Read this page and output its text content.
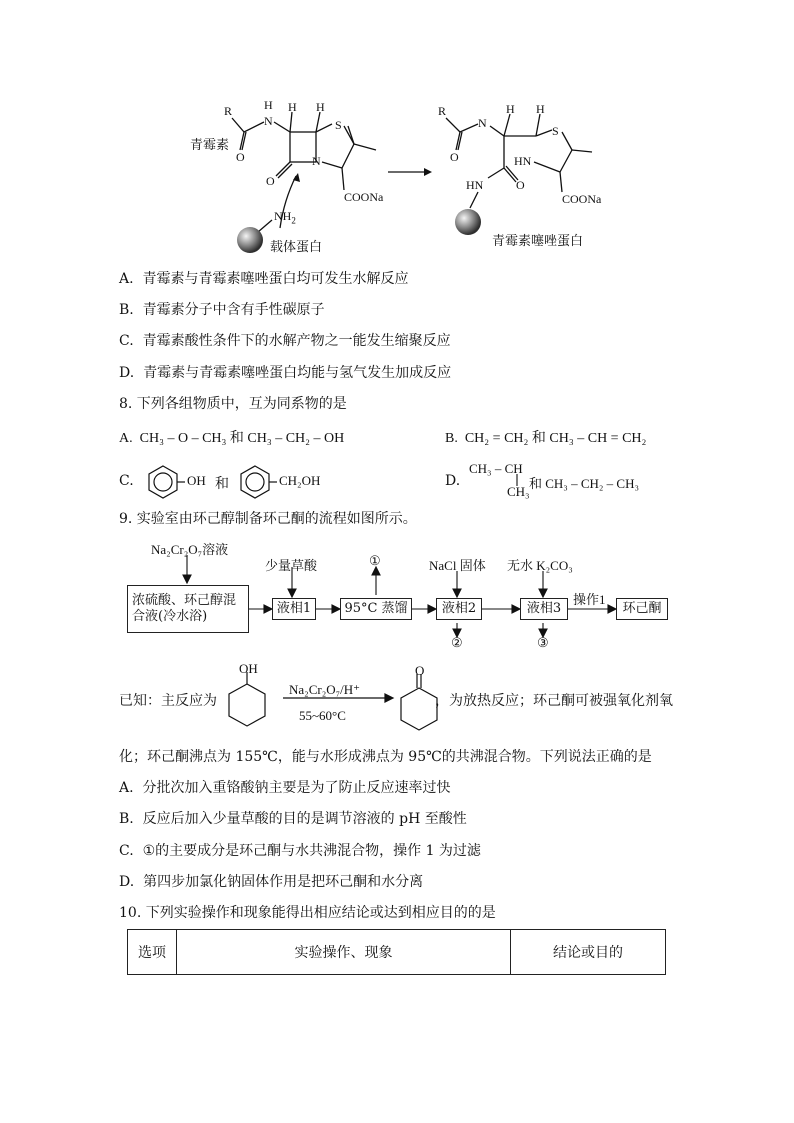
R	H
N
H H
S
O	N
O
COONa
$NH_2$
R
N
H H
S
O	HN
HN	O
COONa
青霉素
载体蛋白	青霉素噻唑蛋白
A. 青霉素与青霉素噻唑蛋白均可发生水解反应
B. 青霉素分子中含有手性碳原子
C. 青霉素酸性条件下的水解产物之一能发生缩聚反应
D. 青霉素与青霉素噻唑蛋白均能与氢气发生加成反应
8. 下列各组物质中，互为同系物的是
A. CH₃ – O – CH₃ 和 CH₃ – CH₂ – OH	B. CH₂ = CH₂ 和 CH₃ – CH = CH₂
C.	OH 和	CH₂OH	D.
CH₃ – CH
CH₃
和 CH₃ – CH₂ – CH₃
9. 实验室由环己醇制备环己酮的流程如图所示。
Na₂Cr₂O₇溶液
浓硫酸、环己醇混
合液(冷水浴)
少量草酸
液相1	95°C 蒸馏
①	NaCl 固体
液相2
②
无水 K₂CO₃
液相3
③
操作1
环己酮
已知：主反应为
OH	O
Na₂Cr₂O₇/H⁺
55~60°C
，为放热反应；环己酮可被强氧化剂氧
化；环己酮沸点为 155℃，能与水形成沸点为 95℃的共沸混合物。下列说法正确的是
A. 分批次加入重铬酸钠主要是为了防止反应速率过快
B. 反应后加入少量草酸的目的是调节溶液的 pH 至酸性
C. ①的主要成分是环己酮与水共沸混合物，操作 1 为过滤
D. 第四步加氯化钠固体作用是把环己酮和水分离
10. 下列实验操作和现象能得出相应结论或达到相应目的的是
选项	实验操作、现象	结论或目的
